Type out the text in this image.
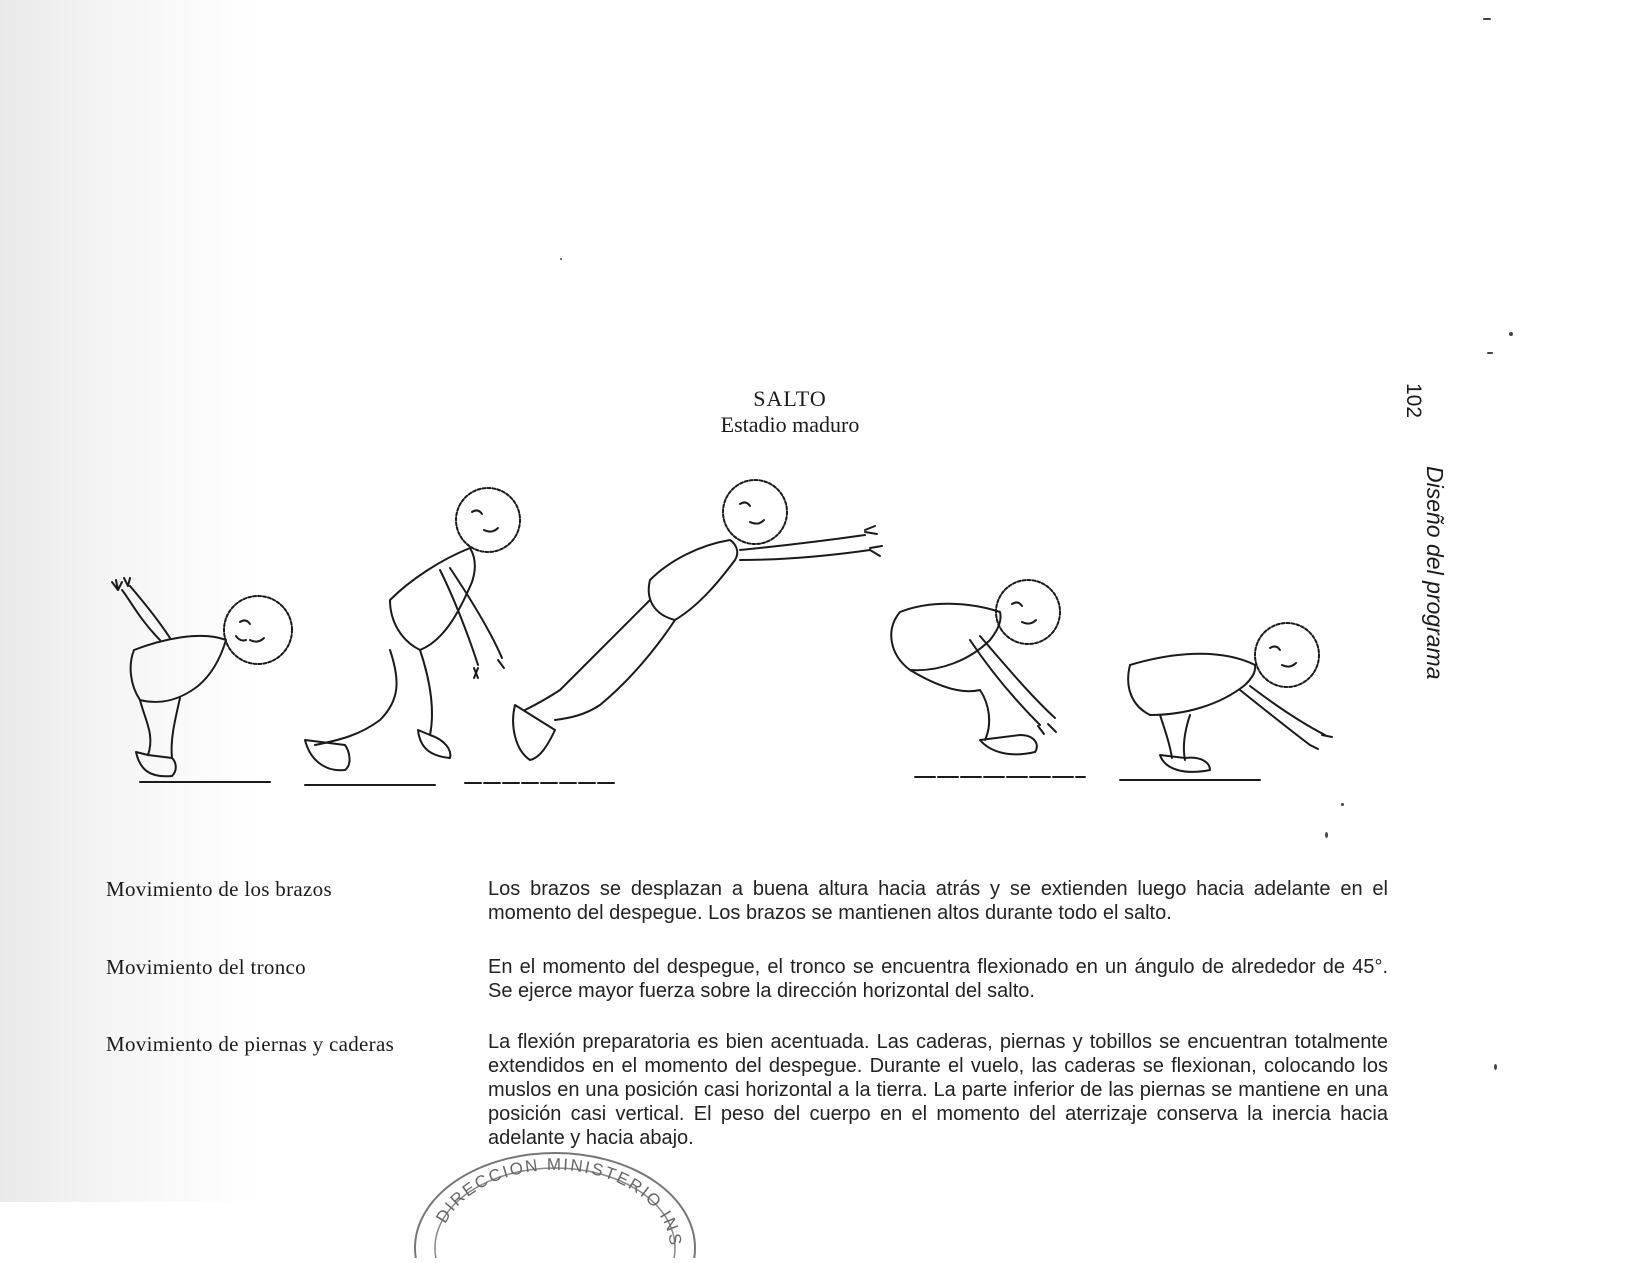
102
Diseño del programa
SALTO
Estadio maduro
Movimiento de los brazos	Los brazos se desplazan a buena altura hacia atrás y se extienden luego hacia adelante en el momento del despegue. Los brazos se mantienen altos durante todo el salto.
Movimiento del tronco	En el momento del despegue, el tronco se encuentra flexionado en un ángulo de alrededor de 45°. Se ejerce mayor fuerza sobre la dirección horizontal del salto.
Movimiento de piernas y caderas	La flexión preparatoria es bien acentuada. Las caderas, piernas y tobillos se encuentran totalmente extendidos en el momento del despegue. Durante el vuelo, las caderas se flexionan, colocando los muslos en una posición casi horizontal a la tierra. La parte inferior de las piernas se mantiene en una posición casi vertical. El peso del cuerpo en el momento del aterrizaje conserva la inercia hacia adelante y hacia abajo.
DIRECCION MINISTERIO INS
